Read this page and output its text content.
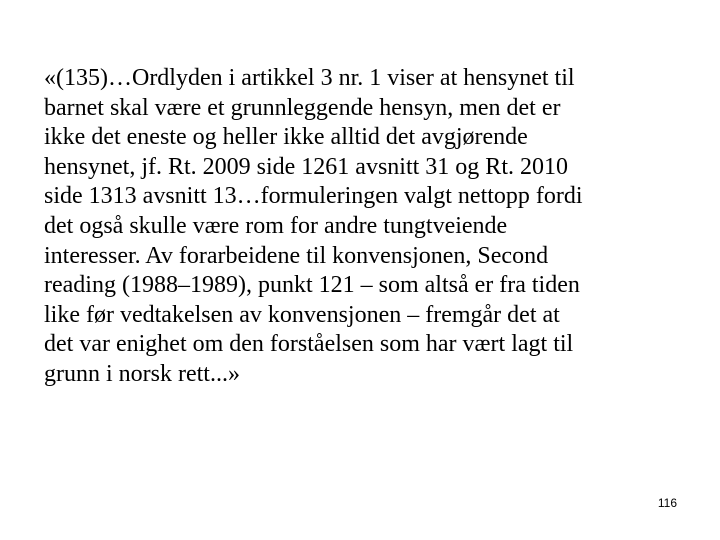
«(135)…Ordlyden i artikkel 3 nr. 1 viser at hensynet til
barnet skal være et grunnleggende hensyn, men det er
ikke det eneste og heller ikke alltid det avgjørende
hensynet, jf. Rt. 2009 side 1261 avsnitt 31 og Rt. 2010
side 1313 avsnitt 13…formuleringen valgt nettopp fordi
det også skulle være rom for andre tungtveiende
interesser. Av forarbeidene til konvensjonen, Second
reading (1988–1989), punkt 121 – som altså er fra tiden
like før vedtakelsen av konvensjonen – fremgår det at
det var enighet om den forståelsen som har vært lagt til
grunn i norsk rett...»
116
